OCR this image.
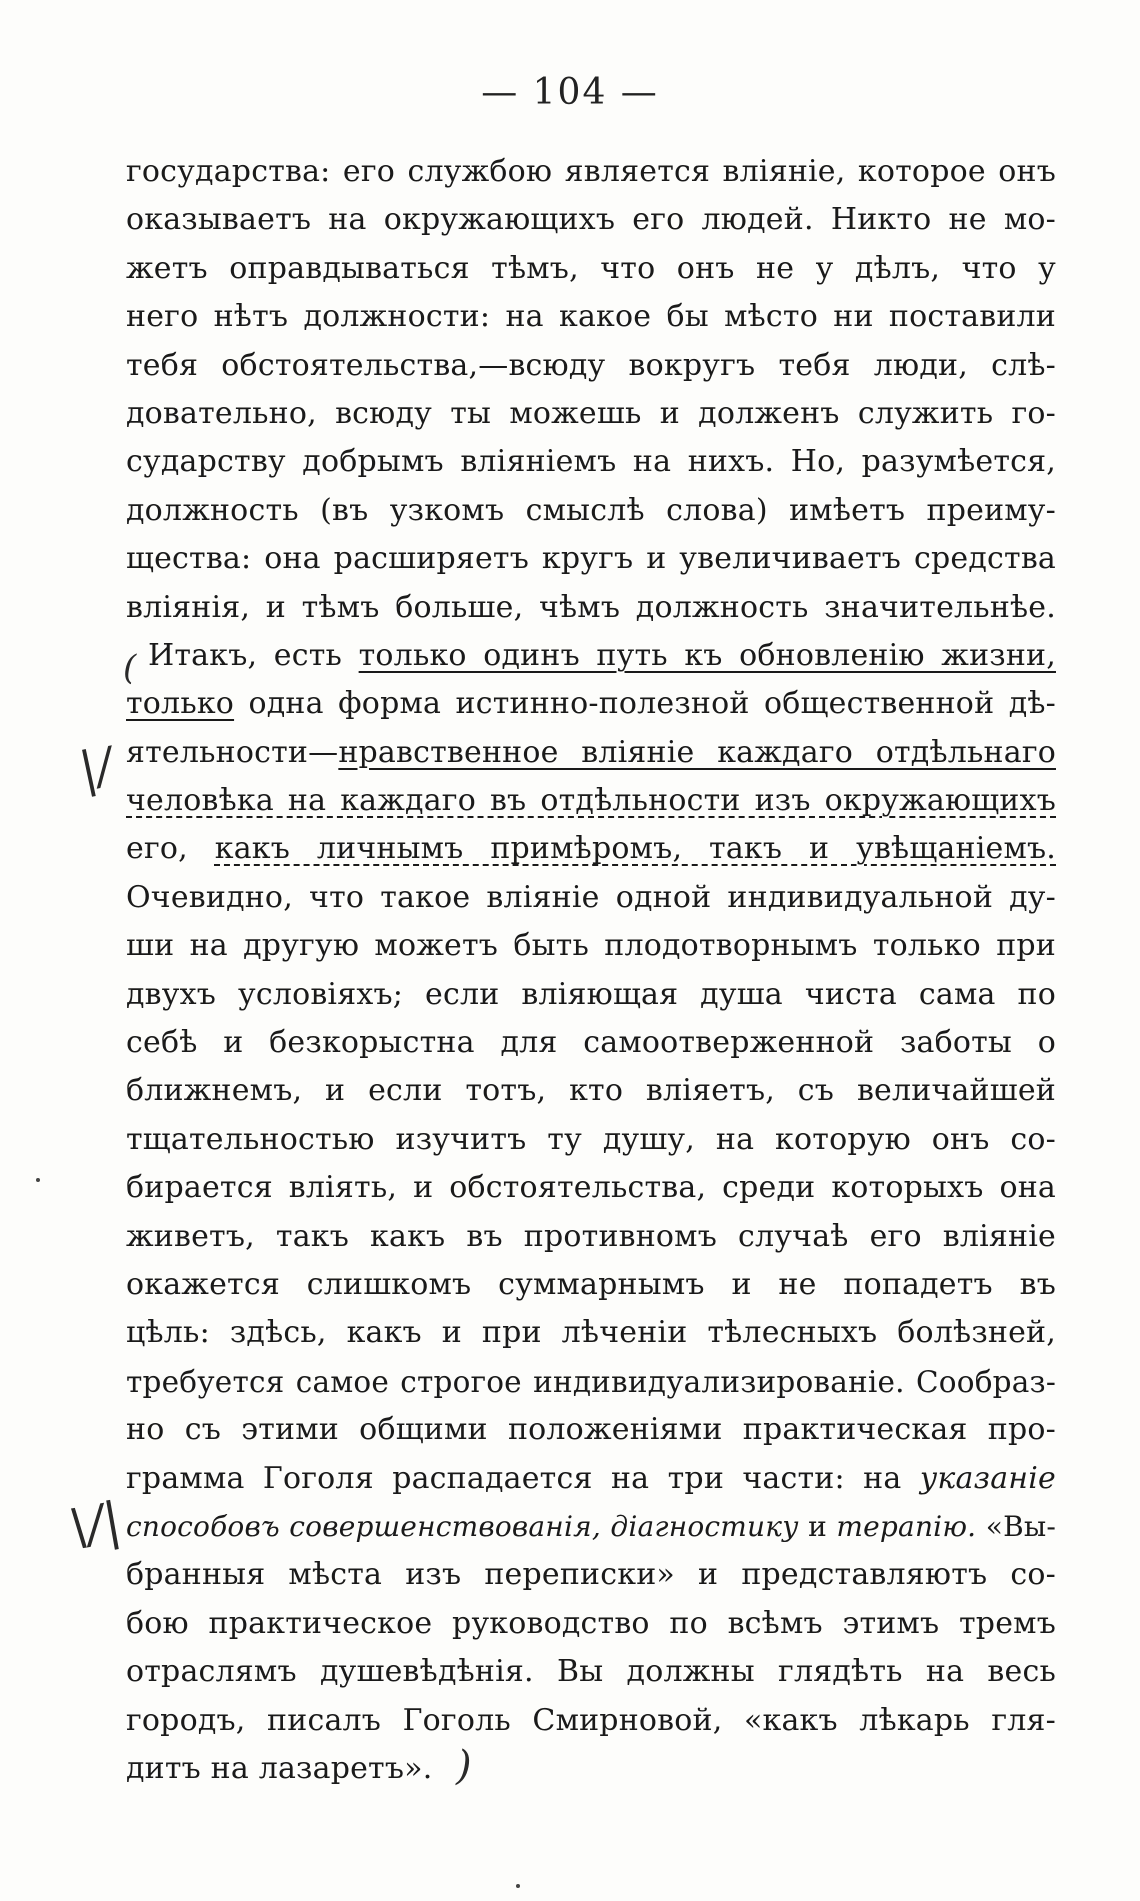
— 104 —
|/
\/|
(
)
государства: его службою является влiянiе, которое онъ
оказываетъ на окружающихъ его людей. Никто не мо-
жетъ оправдываться тѣмъ, что онъ не у дѣлъ, что у
него нѣтъ должности: на какое бы мѣсто ни поставили
тебя обстоятельства,—всюду вокругъ тебя люди, слѣ-
довательно, всюду ты можешь и долженъ служить го-
сударству добрымъ влiянiемъ на нихъ. Но, разумѣется,
должность (въ узкомъ смыслѣ слова) имѣетъ преиму-
щества: она расширяетъ кругъ и увеличиваетъ средства
влiянiя, и тѣмъ больше, чѣмъ должность значительнѣе.
Итакъ, есть только одинъ путь къ обновленiю жизни,
только одна форма истинно-полезной общественной дѣ-
ятельности—нравственное влiянiе каждаго отдѣльнаго
человѣка на каждаго въ отдѣльности изъ окружающихъ
его, какъ личнымъ примѣромъ, такъ и увѣщанiемъ.
Очевидно, что такое влiянiе одной индивидуальной ду-
ши на другую можетъ быть плодотворнымъ только при
двухъ условiяхъ; если влiяющая душа чиста сама по
себѣ и безкорыстна для самоотверженной заботы о
ближнемъ, и если тотъ, кто влiяетъ, съ величайшей
тщательностью изучитъ ту душу, на которую онъ со-
бирается влiять, и обстоятельства, среди которыхъ она
живетъ, такъ какъ въ противномъ случаѣ его влiянiе
окажется слишкомъ суммарнымъ и не попадетъ въ
цѣль: здѣсь, какъ и при лѣченiи тѣлесныхъ болѣзней,
требуется самое строгое индивидуализированiе. Сообраз-
но съ этими общими положенiями практическая про-
грамма Гоголя распадается на три части: на указанiе
способовъ совершенствованiя, дiагностику и терапiю. «Вы-
бранныя мѣста изъ переписки» и представляютъ со-
бою практическое руководство по всѣмъ этимъ тремъ
отраслямъ душевѣдѣнiя. Вы должны глядѣть на весь
городъ, писалъ Гоголь Смирновой, «какъ лѣкарь гля-
дитъ на лазаретъ».
